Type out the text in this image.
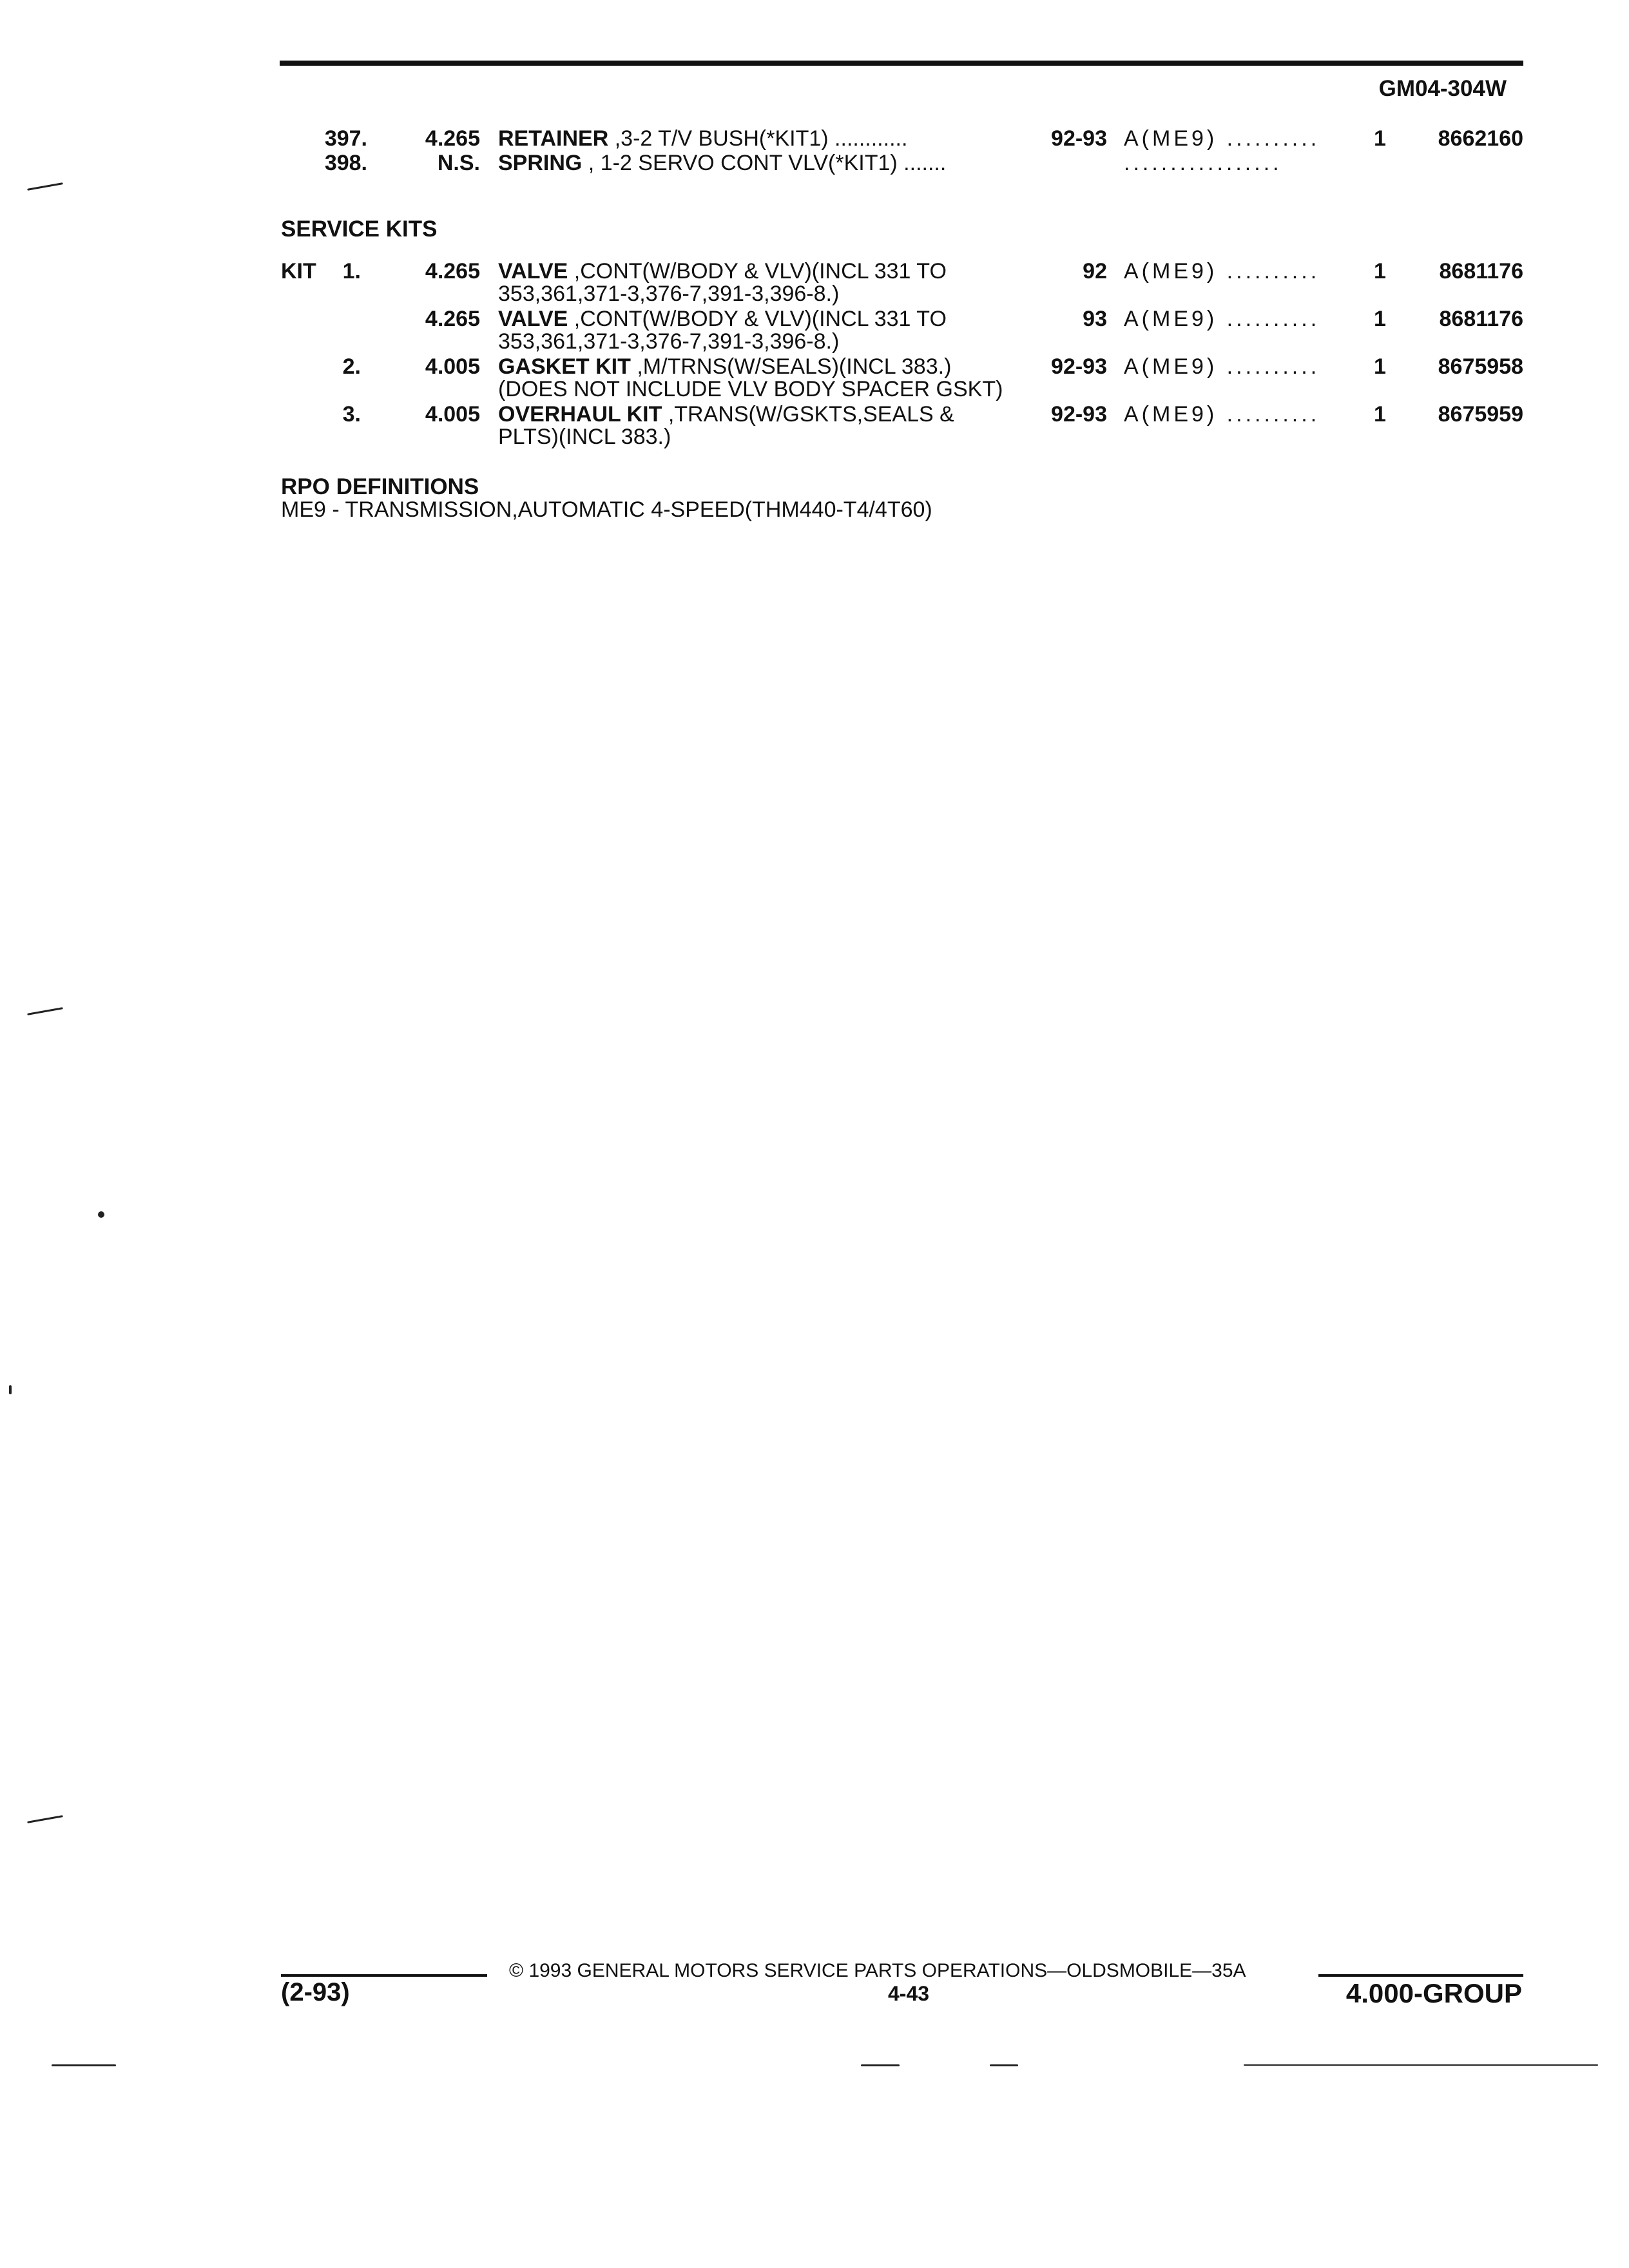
GM04-304W
397.	4.265 RETAINER ,3-2 T/V BUSH(*KIT1) ............	92-93 A(ME9) .......... 1	8662160
398.	N.S. SPRING , 1-2 SERVO CONT VLV(*KIT1) .......	.................
SERVICE KITS
KIT	1.	4.265 VALVE ,CONT(W/BODY & VLV)(INCL 331 TO	92 A(ME9) .......... 1	8681176
353,361,371-3,376-7,391-3,396-8.)
4.265 VALVE ,CONT(W/BODY & VLV)(INCL 331 TO	93 A(ME9) .......... 1	8681176
353,361,371-3,376-7,391-3,396-8.)
2.	4.005 GASKET KIT ,M/TRNS(W/SEALS)(INCL 383.)	92-93 A(ME9) .......... 1	8675958
(DOES NOT INCLUDE VLV BODY SPACER GSKT)
3.	4.005 OVERHAUL KIT ,TRANS(W/GSKTS,SEALS &	92-93 A(ME9) .......... 1	8675959
PLTS)(INCL 383.)
RPO DEFINITIONS
ME9 - TRANSMISSION,AUTOMATIC 4-SPEED(THM440-T4/4T60)
© 1993 GENERAL MOTORS SERVICE PARTS OPERATIONS—OLDSMOBILE—35A
(2-93)	4-43	4.000-GROUP
